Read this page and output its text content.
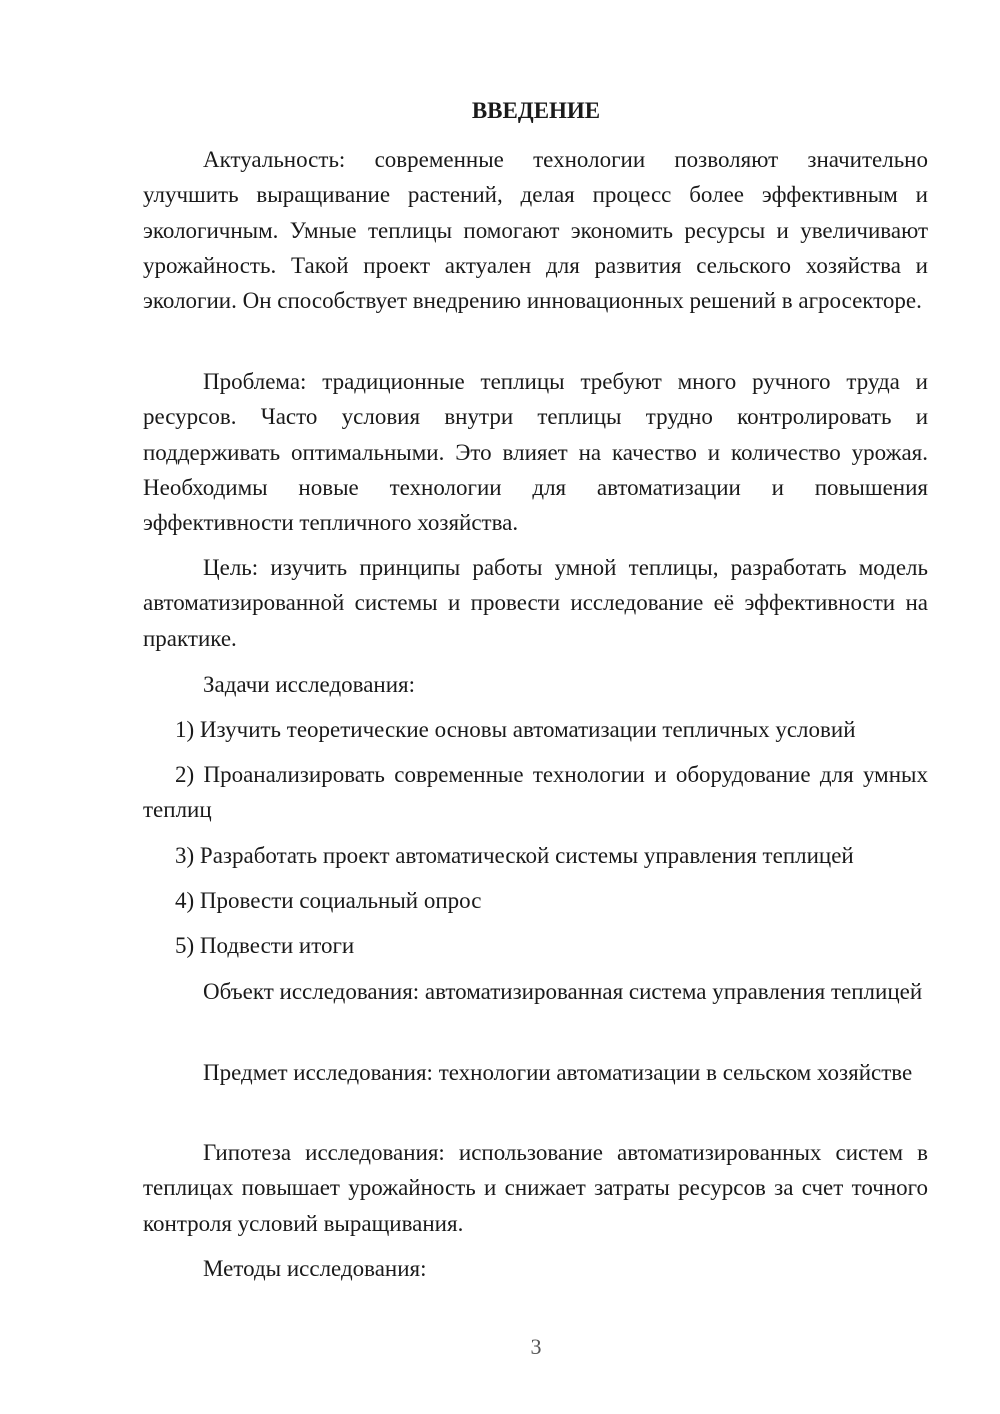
ВВЕДЕНИЕ

Актуальность: современные технологии позволяют значительно улучшить выращивание растений, делая процесс более эффективным и экологичным. Умные теплицы помогают экономить ресурсы и увеличивают урожайность. Такой проект актуален для развития сельского хозяйства и экологии. Он способствует внедрению инновационных решений в агросекторе.

Проблема: традиционные теплицы требуют много ручного труда и ресурсов. Часто условия внутри теплицы трудно контролировать и поддерживать оптимальными. Это влияет на качество и количество урожая. Необходимы новые технологии для автоматизации и повышения эффективности тепличного хозяйства.

Цель: изучить принципы работы умной теплицы, разработать модель автоматизированной системы и провести исследование её эффективности на практике.

Задачи исследования:

1) Изучить теоретические основы автоматизации тепличных условий

2) Проанализировать современные технологии и оборудование для умных теплиц

3) Разработать проект автоматической системы управления теплицей

4) Провести социальный опрос

5) Подвести итоги

Объект исследования: автоматизированная система управления теплицей

Предмет исследования: технологии автоматизации в сельском хозяйстве

Гипотеза исследования: использование автоматизированных систем в теплицах повышает урожайность и снижает затраты ресурсов за счет точного контроля условий выращивания.

Методы исследования:

3
